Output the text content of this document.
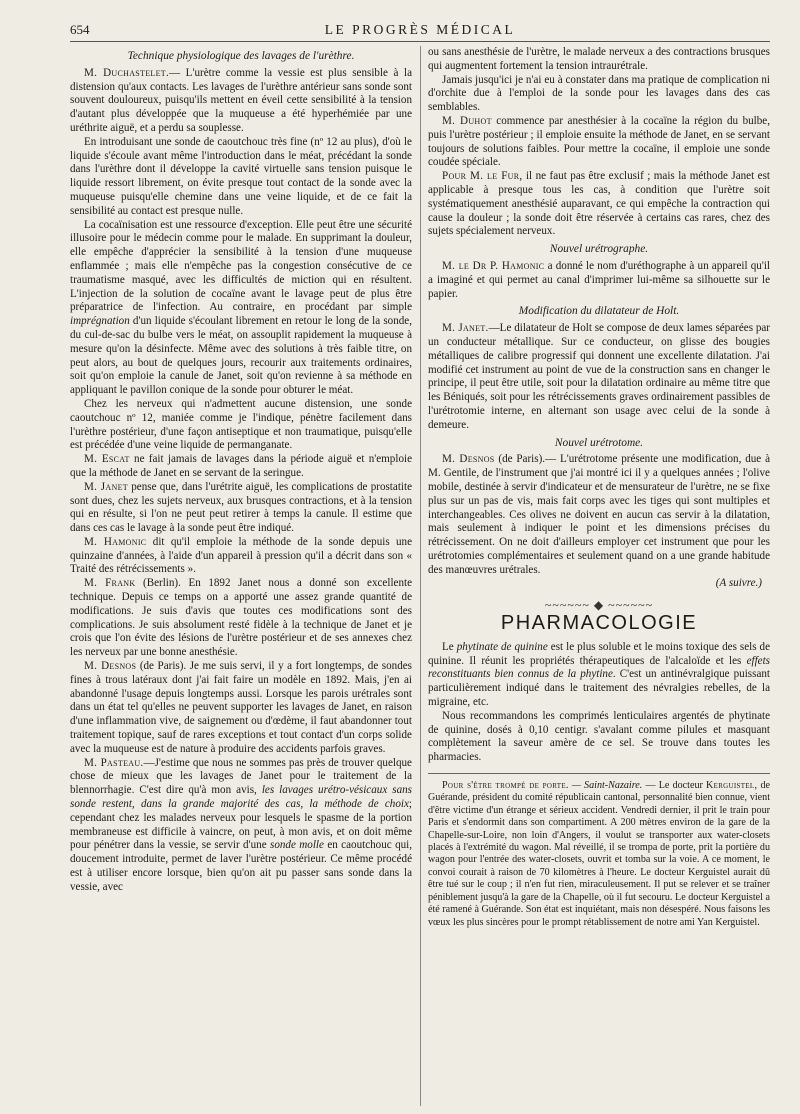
654	LE PROGRÈS MÉDICAL
Technique physiologique des lavages de l'urèthre.

M. Duchastelet.— L'urètre comme la vessie est plus sensible à la distension qu'aux contacts. Les lavages de l'urèthre antérieur sans sonde sont souvent douloureux, puisqu'ils mettent en éveil cette sensibilité à la tension d'autant plus développée que la muqueuse a été hyperhémiée par une uréthrite aiguë, et a perdu sa souplesse.

En introduisant une sonde de caoutchouc très fine (nº 12 au plus), d'où le liquide s'écoule avant même l'introduction dans le méat, précédant la sonde dans l'urèthre dont il développe la cavité virtuelle sans tension puisque le liquide ressort librement, on évite presque tout contact de la sonde avec la muqueuse puisqu'elle chemine dans une veine liquide, et de ce fait la sensibilité au contact est presque nulle.

La cocaïnisation est une ressource d'exception. Elle peut être une sécurité illusoire pour le médecin comme pour le malade. En supprimant la douleur, elle empêche d'apprécier la sensibilité à la tension d'une muqueuse enflammée ; mais elle n'empêche pas la congestion consécutive de ce traumatisme masqué, avec les difficultés de miction qui en résultent. L'injection de la solution de cocaïne avant le lavage peut de plus être préparatrice de l'infection. Au contraire, en procédant par simple imprégnation d'un liquide s'écoulant librement en retour le long de la sonde, du cul-de-sac du bulbe vers le méat, on assouplit rapidement la muqueuse à mesure qu'on la désinfecte. Même avec des solutions à très faible titre, on peut alors, au bout de quelques jours, recourir aux traitements ordinaires, soit qu'on emploie la canule de Janet, soit qu'on revienne à sa méthode en appliquant le pavillon conique de la sonde pour obturer le méat.

Chez les nerveux qui n'admettent aucune distension, une sonde caoutchouc nº 12, maniée comme je l'indique, pénètre facilement dans l'urèthre postérieur, d'une façon antiseptique et non traumatique, puisqu'elle est précédée d'une veine liquide de permanganate.

M. Escat ne fait jamais de lavages dans la période aiguë et n'emploie que la méthode de Janet en se servant de la seringue.

M. Janet pense que, dans l'urétrite aiguë, les complications de prostatite sont dues, chez les sujets nerveux, aux brusques contractions, et à la tension qui en résulte, si l'on ne peut peut retirer à temps la canule. Il estime que dans ces cas le lavage à la sonde peut être indiqué.

M. Hamonic dit qu'il emploie la méthode de la sonde depuis une quinzaine d'années, à l'aide d'un appareil à pression qu'il a décrit dans son « Traité des rétrécissements ».

M. Frank (Berlin). En 1892 Janet nous a donné son excellente technique. Depuis ce temps on a apporté une assez grande quantité de modifications. Je suis d'avis que toutes ces modifications sont des complications. Je suis absolument resté fidèle à la technique de Janet et je crois que l'on évite des lésions de l'urètre postérieur et de ses annexes chez les nerveux par une bonne anesthésie.

M. Desnos (de Paris). Je me suis servi, il y a fort longtemps, de sondes fines à trous latéraux dont j'ai fait faire un modèle en 1892. Mais, j'en ai abandonné l'usage depuis longtemps aussi. Lorsque les parois urétrales sont dans un état tel qu'elles ne peuvent supporter les lavages de Janet, en raison d'une inflammation vive, de saignement ou d'œdème, il faut abandonner tout traitement topique, sauf de rares exceptions et tout contact d'un corps solide avec la muqueuse est de nature à produire des accidents parfois graves.

M. Pasteau.—J'estime que nous ne sommes pas près de trouver quelque chose de mieux que les lavages de Janet pour le traitement de la blennorrhagie. C'est dire qu'à mon avis, les lavages urétro-vésicaux sans sonde restent, dans la grande majorité des cas, la méthode de choix; cependant chez les malades nerveux pour lesquels le spasme de la portion membraneuse est difficile à vaincre, on peut, à mon avis, et on doit même pour pénétrer dans la vessie, se servir d'une sonde molle en caoutchouc qui, doucement introduite, permet de laver l'urètre postérieur. Ce même procédé est à utiliser encore lorsque, bien qu'on ait pu passer sans sonde dans la vessie, avec

ou sans anesthésie de l'urètre, le malade nerveux a des contractions brusques qui augmentent fortement la tension intraurétrale.

Jamais jusqu'ici je n'ai eu à constater dans ma pratique de complication ni d'orchite due à l'emploi de la sonde pour les lavages dans des cas semblables.

M. Duhot commence par anesthésier à la cocaïne la région du bulbe, puis l'urètre postérieur ; il emploie ensuite la méthode de Janet, en se servant toujours de solutions faibles. Pour mettre la cocaïne, il emploie une sonde coudée spéciale.

Pour M. le Fur, il ne faut pas être exclusif ; mais la méthode Janet est applicable à presque tous les cas, à condition que l'urètre soit systématiquement anesthésié auparavant, ce qui empêche la contraction qui cause la douleur ; la sonde doit être réservée à certains cas rares, chez des sujets spécialement nerveux.

Nouvel urétrographe.

M. le Dr P. Hamonic a donné le nom d'uréthographe à un appareil qu'il a imaginé et qui permet au canal d'imprimer lui-même sa silhouette sur le papier.

Modification du dilatateur de Holt.

M. Janet.—Le dilatateur de Holt se compose de deux lames séparées par un conducteur métallique. Sur ce conducteur, on glisse des bougies métalliques de calibre progressif qui donnent une excellente dilatation. J'ai modifié cet instrument au point de vue de la construction sans en changer le principe, il peut être utile, soit pour la dilatation ordinaire au même titre que les Béniqués, soit pour les rétrécissements graves ordinairement passibles de l'urétrotomie interne, en alternant son usage avec celui de la sonde à demeure.

Nouvel urétrotome.

M. Desnos (de Paris).— L'urétrotome présente une modification, due à M. Gentile, de l'instrument que j'ai montré ici il y a quelques années ; l'olive mobile, destinée à servir d'indicateur et de mensurateur de l'urètre, ne se fixe plus sur un pas de vis, mais fait corps avec les tiges qui sont multiples et interchangeables. Ces olives ne doivent en aucun cas servir à la dilatation, mais seulement à indiquer le point et les dimensions précises du rétrécissement. On ne doit d'ailleurs employer cet instrument que pour les urétrotomies complémentaires et seulement quand on a une grande habitude des manœuvres urétrales.

(A suivre.)
~~~~~~ ◆ ~~~~~~
PHARMACOLOGIE

Le phytinate de quinine est le plus soluble et le moins toxique des sels de quinine. Il réunit les propriétés thérapeutiques de l'alcaloïde et les effets reconstituants bien connus de la phytine. C'est un antinévralgique puissant particulièrement indiqué dans le traitement des névralgies rebelles, de la migraine, etc.

Nous recommandons les comprimés lenticulaires argentés de phytinate de quinine, dosés à 0,10 centigr. s'avalant comme pilules et masquant complètement la saveur amère de ce sel. Se trouve dans toutes les pharmacies.

Pour s'être trompé de porte. — Saint-Nazaire. — Le docteur Kerguistel, de Guérande, président du comité républicain cantonal, personnalité bien connue, vient d'être victime d'un étrange et sérieux accident. Vendredi dernier, il prit le train pour Paris et s'endormit dans son compartiment. A 200 mètres environ de la gare de la Chapelle-sur-Loire, non loin d'Angers, il voulut se transporter aux water-closets placés à l'extrémité du wagon. Mal réveillé, il se trompa de porte, prit la portière du wagon pour l'entrée des water-closets, ouvrit et tomba sur la voie. A ce moment, le convoi courait à raison de 70 kilomètres à l'heure. Le docteur Kerguistel aurait dû être tué sur le coup ; il n'en fut rien, miraculeusement. Il put se relever et se traîner péniblement jusqu'à la gare de la Chapelle, où il fut secouru. Le docteur Kerguistel a été ramené à Guérande. Son état est inquiétant, mais non désespéré. Nous faisons les vœux les plus sincères pour le prompt rétablissement de notre ami Yan Kerguistel.
